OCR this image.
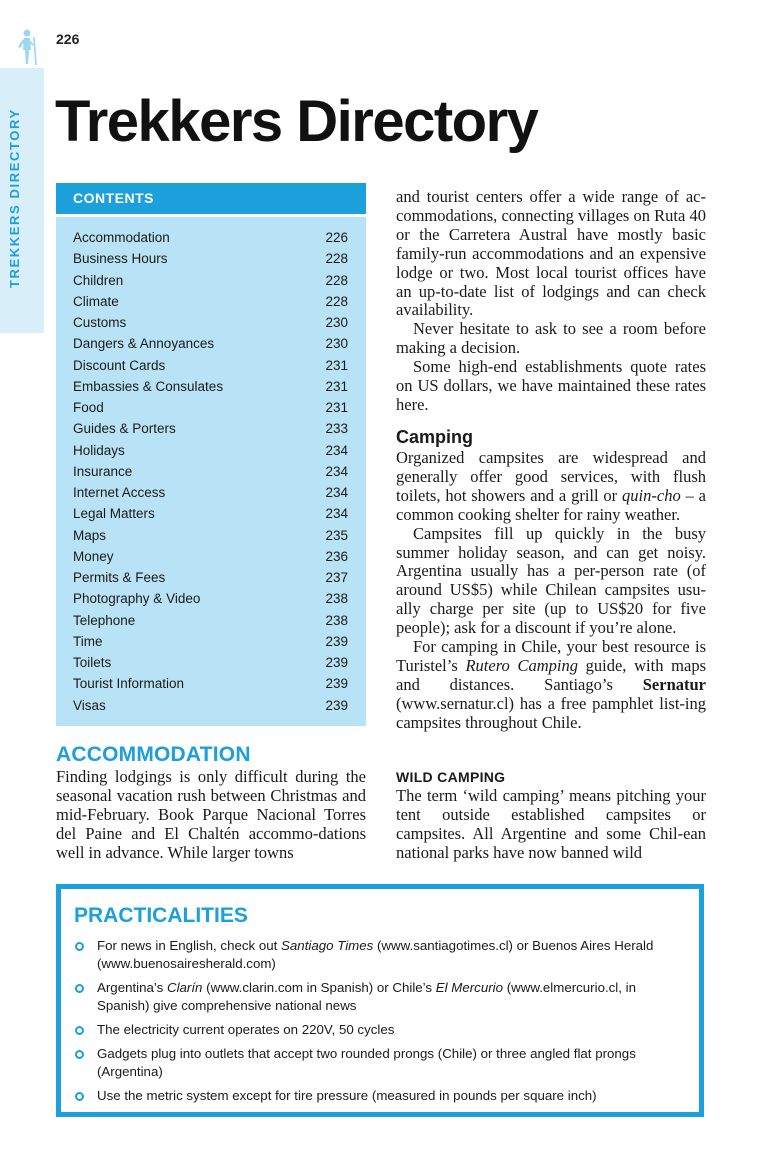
226
TREKKERS DIRECTORY Trekkers Directory
CONTENTS
Accommodation	226
Business Hours	228
Children	228
Climate	228
Customs	230
Dangers & Annoyances	230
Discount Cards	231
Embassies & Consulates	231
Food	231
Guides & Porters	233
Holidays	234
Insurance	234
Internet Access	234
Legal Matters	234
Maps	235
Money	236
Permits & Fees	237
Photography & Video	238
Telephone	238
Time	239
Toilets	239
Tourist Information	239
Visas	239
ACCOMMODATION

Finding lodgings is only difficult during the seasonal vacation rush between Christmas and mid-February. Book Parque Nacional Torres del Paine and El Chaltén accommo-dations well in advance. While larger towns

and tourist centers offer a wide range of ac-commodations, connecting villages on Ruta 40 or the Carretera Austral have mostly basic family-run accommodations and an expensive lodge or two. Most local tourist offices have an up-to-date list of lodgings and can check availability.

Never hesitate to ask to see a room before making a decision.

Some high-end establishments quote rates on US dollars, we have maintained these rates here.

Camping

Organized campsites are widespread and generally offer good services, with flush toilets, hot showers and a grill or quin-cho – a common cooking shelter for rainy weather.

Campsites fill up quickly in the busy summer holiday season, and can get noisy. Argentina usually has a per-person rate (of around US$5) while Chilean campsites usu-ally charge per site (up to US$20 for five people); ask for a discount if you’re alone.

For camping in Chile, your best resource is Turistel’s Rutero Camping guide, with maps and distances. Santiago’s Sernatur (www.sernatur.cl) has a free pamphlet list-ing campsites throughout Chile.

WILD CAMPING

The term ‘wild camping’ means pitching your tent outside established campsites or campsites. All Argentine and some Chil-ean national parks have now banned wild

PRACTICALITIES
For news in English, check out Santiago Times (www.santiagotimes.cl) or Buenos Aires Herald (www.buenosairesherald.com)
Argentina’s Clarín (www.clarin.com in Spanish) or Chile’s El Mercurio (www.elmercurio.cl, in Spanish) give comprehensive national news
The electricity current operates on 220V, 50 cycles
Gadgets plug into outlets that accept two rounded prongs (Chile) or three angled flat prongs (Argentina)
Use the metric system except for tire pressure (measured in pounds per square inch)
